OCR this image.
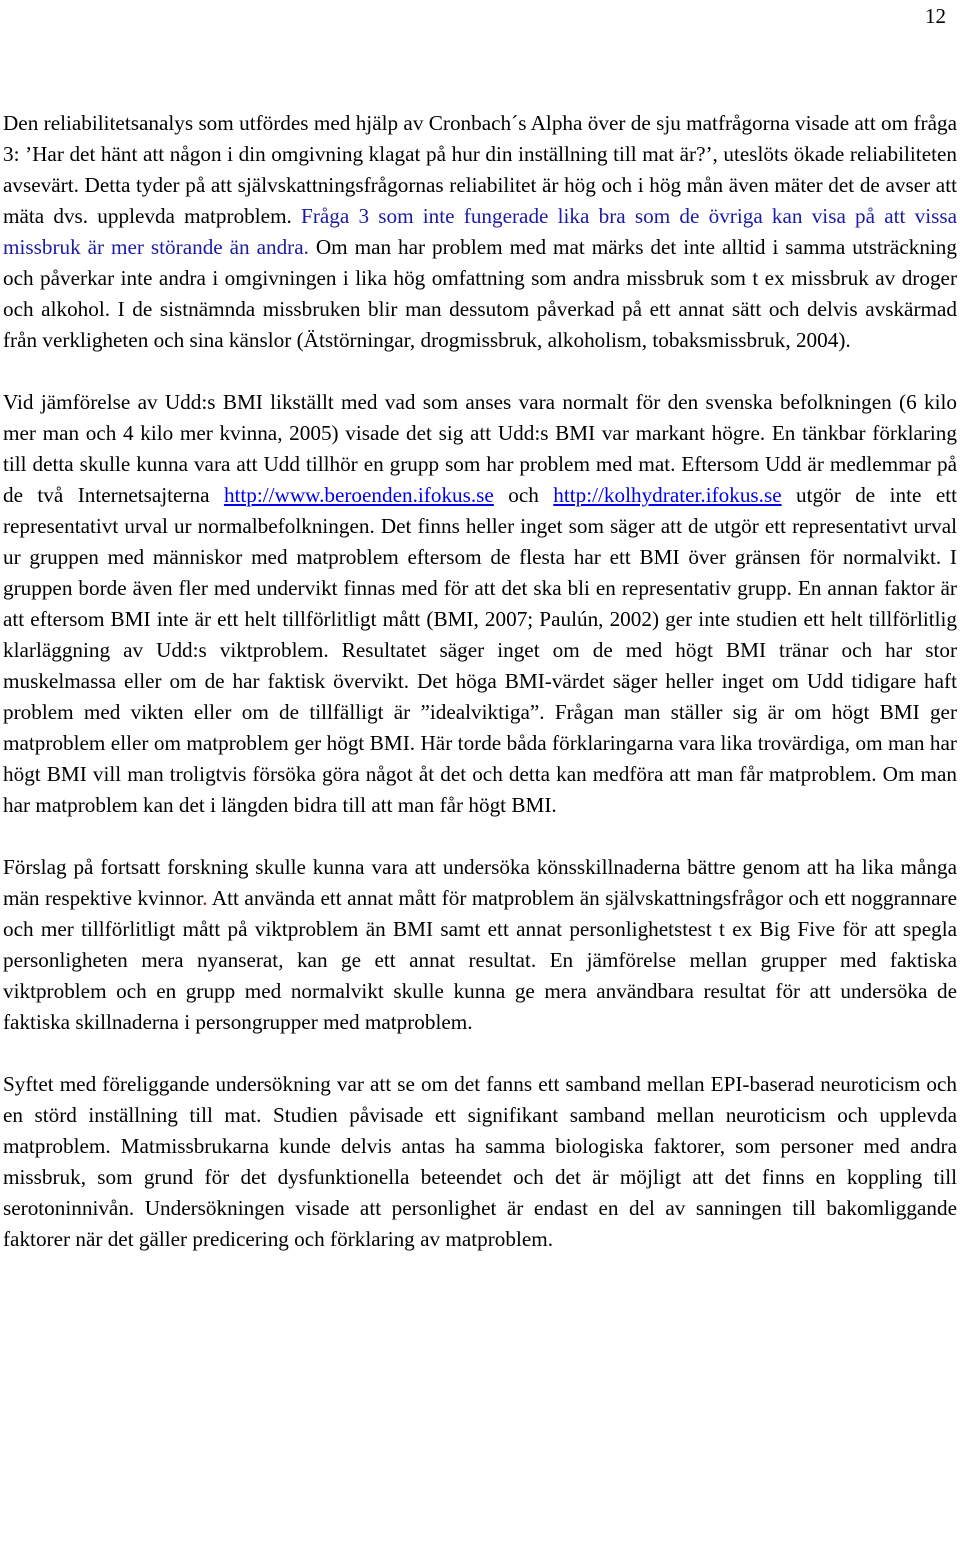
12

Den reliabilitetsanalys som utfördes med hjälp av Cronbach´s Alpha över de sju matfrågorna visade att om fråga 3: ’Har det hänt att någon i din omgivning klagat på hur din inställning till mat är?’, uteslöts ökade reliabiliteten avsevärt. Detta tyder på att självskattningsfrågornas reliabilitet är hög och i hög mån även mäter det de avser att mäta dvs. upplevda matproblem. Fråga 3 som inte fungerade lika bra som de övriga kan visa på att vissa missbruk är mer störande än andra. Om man har problem med mat märks det inte alltid i samma utsträckning och påverkar inte andra i omgivningen i lika hög omfattning som andra missbruk som t ex missbruk av droger och alkohol. I de sistnämnda missbruken blir man dessutom påverkad på ett annat sätt och delvis avskärmad från verkligheten och sina känslor (Ätstörningar, drogmissbruk, alkoholism, tobaksmissbruk, 2004).

Vid jämförelse av Udd:s BMI likställt med vad som anses vara normalt för den svenska befolkningen (6 kilo mer man och 4 kilo mer kvinna, 2005) visade det sig att Udd:s BMI var markant högre. En tänkbar förklaring till detta skulle kunna vara att Udd tillhör en grupp som har problem med mat. Eftersom Udd är medlemmar på de två Internetsajterna http://www.beroenden.ifokus.se och http://kolhydrater.ifokus.se utgör de inte ett representativt urval ur normalbefolkningen. Det finns heller inget som säger att de utgör ett representativt urval ur gruppen med människor med matproblem eftersom de flesta har ett BMI över gränsen för normalvikt. I gruppen borde även fler med undervikt finnas med för att det ska bli en representativ grupp. En annan faktor är att eftersom BMI inte är ett helt tillförlitligt mått (BMI, 2007; Paulún, 2002) ger inte studien ett helt tillförlitlig klarläggning av Udd:s viktproblem. Resultatet säger inget om de med högt BMI tränar och har stor muskelmassa eller om de har faktisk övervikt. Det höga BMI-värdet säger heller inget om Udd tidigare haft problem med vikten eller om de tillfälligt är ”idealviktiga”. Frågan man ställer sig är om högt BMI ger matproblem eller om matproblem ger högt BMI. Här torde båda förklaringarna vara lika trovärdiga, om man har högt BMI vill man troligtvis försöka göra något åt det och detta kan medföra att man får matproblem. Om man har matproblem kan det i längden bidra till att man får högt BMI.

Förslag på fortsatt forskning skulle kunna vara att undersöka könsskillnaderna bättre genom att ha lika många män respektive kvinnor. Att använda ett annat mått för matproblem än självskattningsfrågor och ett noggrannare och mer tillförlitligt mått på viktproblem än BMI samt ett annat personlighetstest t ex Big Five för att spegla personligheten mera nyanserat, kan ge ett annat resultat. En jämförelse mellan grupper med faktiska viktproblem och en grupp med normalvikt skulle kunna ge mera användbara resultat för att undersöka de faktiska skillnaderna i persongrupper med matproblem.

Syftet med föreliggande undersökning var att se om det fanns ett samband mellan EPI-baserad neuroticism och en störd inställning till mat. Studien påvisade ett signifikant samband mellan neuroticism och upplevda matproblem. Matmissbrukarna kunde delvis antas ha samma biologiska faktorer, som personer med andra missbruk, som grund för det dysfunktionella beteendet och det är möjligt att det finns en koppling till serotoninnivån. Undersökningen visade att personlighet är endast en del av sanningen till bakomliggande faktorer när det gäller predicering och förklaring av matproblem.
